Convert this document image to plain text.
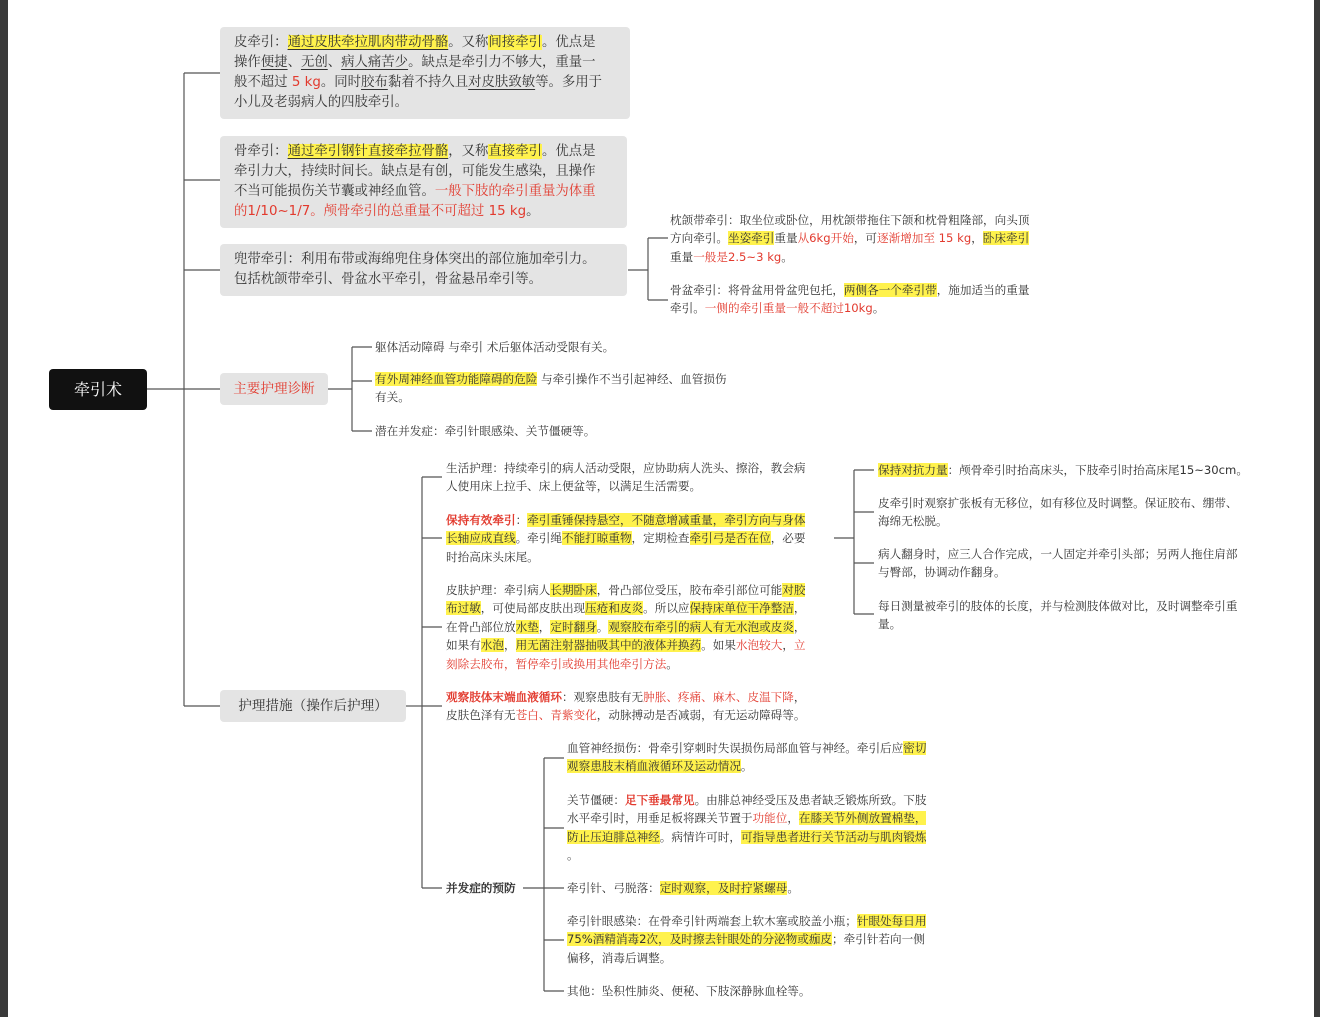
牵引术
皮牵引：通过皮肤牵拉肌肉带动骨骼。又称间接牵引。优点是
操作便捷、无创、病人痛苦少。缺点是牵引力不够大，重量一
般不超过 5 kg。同时胶布黏着不持久且对皮肤致敏等。多用于
小儿及老弱病人的四肢牵引。
骨牵引：通过牵引钢针直接牵拉骨骼，又称直接牵引。优点是
牵引力大，持续时间长。缺点是有创，可能发生感染，且操作
不当可能损伤关节囊或神经血管。一般下肢的牵引重量为体重
的1/10~1/7。颅骨牵引的总重量不可超过 15 kg。
兜带牵引：利用布带或海绵兜住身体突出的部位施加牵引力。
包括枕颌带牵引、骨盆水平牵引，骨盆悬吊牵引等。
枕颌带牵引：取坐位或卧位，用枕颌带拖住下颌和枕骨粗隆部，向头顶
方向牵引。坐姿牵引重量从6kg开始，可逐渐增加至 15 kg，卧床牵引
重量一般是2.5~3 kg。
骨盆牵引：将骨盆用骨盆兜包托，两侧各一个牵引带，施加适当的重量
牵引。一侧的牵引重量一般不超过10kg。
主要护理诊断
躯体活动障碍 与牵引 术后躯体活动受限有关。
有外周神经血管功能障碍的危险 与牵引操作不当引起神经、血管损伤
有关。
潜在并发症：牵引针眼感染、关节僵硬等。
护理措施（操作后护理）
生活护理：持续牵引的病人活动受限，应协助病人洗头、擦浴，教会病
人使用床上拉手、床上便盆等，以满足生活需要。
保持有效牵引：牵引重锤保持悬空，不随意增减重量，牵引方向与身体
长轴应成直线。牵引绳不能打晾重物，定期检查牵引弓是否在位，必要
时抬高床头床尾。
保持对抗力量：颅骨牵引时抬高床头，下肢牵引时抬高床尾15~30cm。
皮牵引时观察扩张板有无移位，如有移位及时调整。保证胶布、绷带、
海绵无松脱。
病人翻身时，应三人合作完成，一人固定并牵引头部；另两人拖住肩部
与臀部，协调动作翻身。
每日测量被牵引的肢体的长度，并与检测肢体做对比，及时调整牵引重
量。
皮肤护理：牵引病人长期卧床，骨凸部位受压，胶布牵引部位可能对胶
布过敏，可使局部皮肤出现压疮和皮炎。所以应保持床单位干净整洁，
在骨凸部位放水垫，定时翻身。观察胶布牵引的病人有无水泡或皮炎，
如果有水泡，用无菌注射器抽吸其中的液体并换药。如果水泡较大，立
刻除去胶布，暂停牵引或换用其他牵引方法。
观察肢体末端血液循环：观察患肢有无肿胀、疼痛、麻木、皮温下降，
皮肤色泽有无苍白、青紫变化，动脉搏动是否减弱，有无运动障碍等。
并发症的预防
血管神经损伤：骨牵引穿刺时失误损伤局部血管与神经。牵引后应密切
观察患肢末梢血液循环及运动情况。
关节僵硬：足下垂最常见。由腓总神经受压及患者缺乏锻炼所致。下肢
水平牵引时，用垂足板将踝关节置于功能位，在膝关节外侧放置棉垫，
防止压迫腓总神经。病情许可时，可指导患者进行关节活动与肌肉锻炼
。
牵引针、弓脱落：定时观察，及时拧紧螺母。
牵引针眼感染：在骨牵引针两端套上软木塞或胶盖小瓶；针眼处每日用
75%酒精消毒2次，及时擦去针眼处的分泌物或痂皮；牵引针若向一侧
偏移，消毒后调整。
其他：坠积性肺炎、便秘、下肢深静脉血栓等。
